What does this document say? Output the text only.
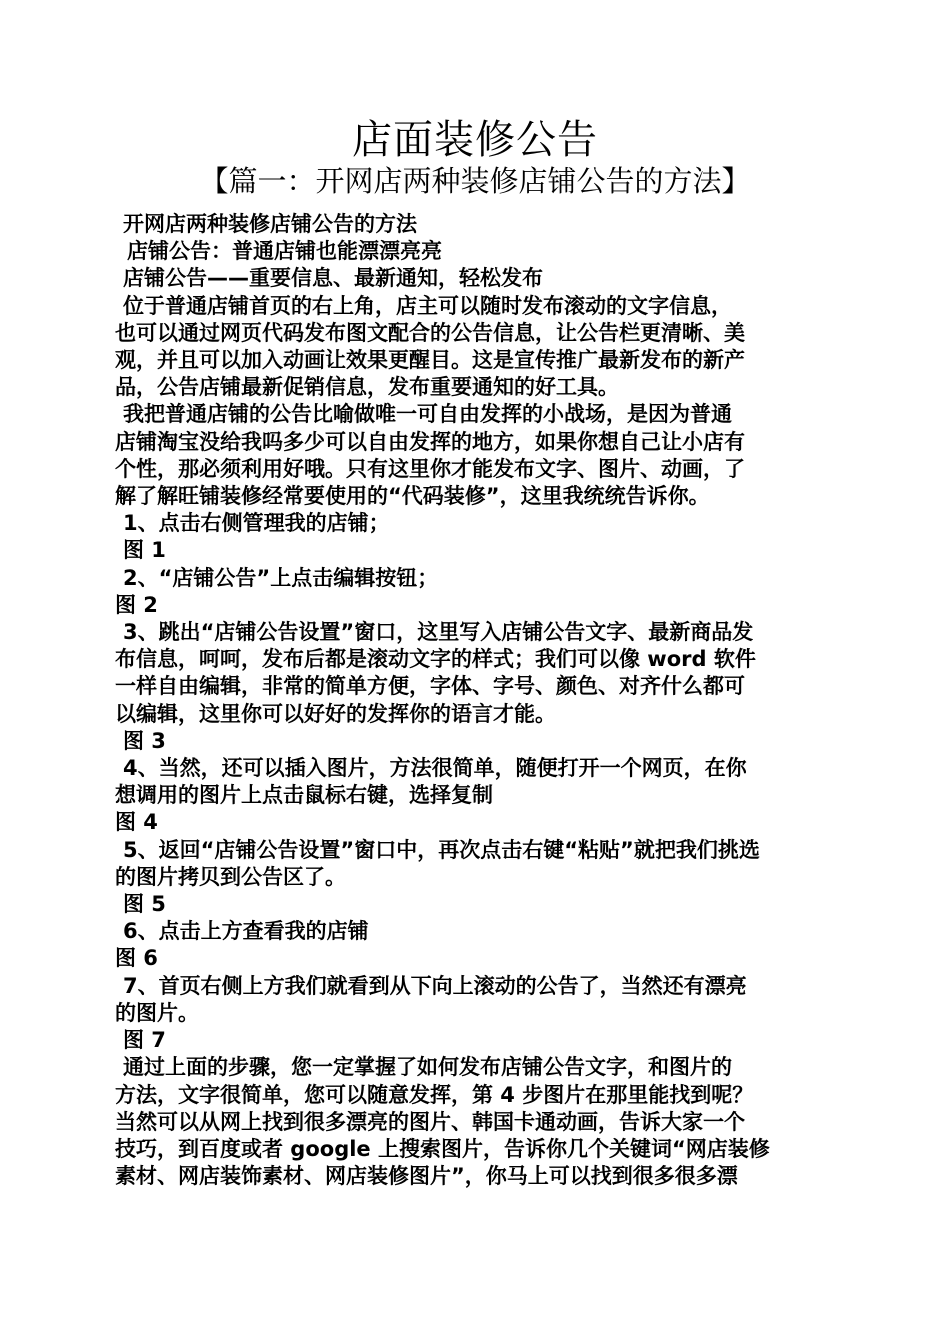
店面装修公告
【篇一：开网店两种装修店铺公告的方法】
开网店两种装修店铺公告的方法
店铺公告：普通店铺也能漂漂亮亮
店铺公告——重要信息、最新通知，轻松发布
位于普通店铺首页的右上角，店主可以随时发布滚动的文字信息，
也可以通过网页代码发布图文配合的公告信息，让公告栏更清晰、美
观，并且可以加入动画让效果更醒目。这是宣传推广最新发布的新产
品，公告店铺最新促销信息，发布重要通知的好工具。
我把普通店铺的公告比喻做唯一可自由发挥的小战场，是因为普通
店铺淘宝没给我吗多少可以自由发挥的地方，如果你想自己让小店有
个性，那必须利用好哦。只有这里你才能发布文字、图片、动画，了
解了解旺铺装修经常要使用的“代码装修”，这里我统统告诉你。
1、点击右侧管理我的店铺；
图 1
2、“店铺公告”上点击编辑按钮；
图 2
3、跳出“店铺公告设置”窗口，这里写入店铺公告文字、最新商品发
布信息，呵呵，发布后都是滚动文字的样式；我们可以像 word 软件
一样自由编辑，非常的简单方便，字体、字号、颜色、对齐什么都可
以编辑，这里你可以好好的发挥你的语言才能。
图 3
4、当然，还可以插入图片，方法很简单，随便打开一个网页，在你
想调用的图片上点击鼠标右键，选择复制
图 4
5、返回“店铺公告设置”窗口中，再次点击右键“粘贴”就把我们挑选
的图片拷贝到公告区了。
图 5
6、点击上方查看我的店铺
图 6
7、首页右侧上方我们就看到从下向上滚动的公告了，当然还有漂亮
的图片。
图 7
通过上面的步骤，您一定掌握了如何发布店铺公告文字，和图片的
方法，文字很简单，您可以随意发挥，第 4 步图片在那里能找到呢？
当然可以从网上找到很多漂亮的图片、韩国卡通动画，告诉大家一个
技巧，到百度或者 google 上搜索图片，告诉你几个关键词“网店装修
素材、网店装饰素材、网店装修图片”，你马上可以找到很多很多漂
